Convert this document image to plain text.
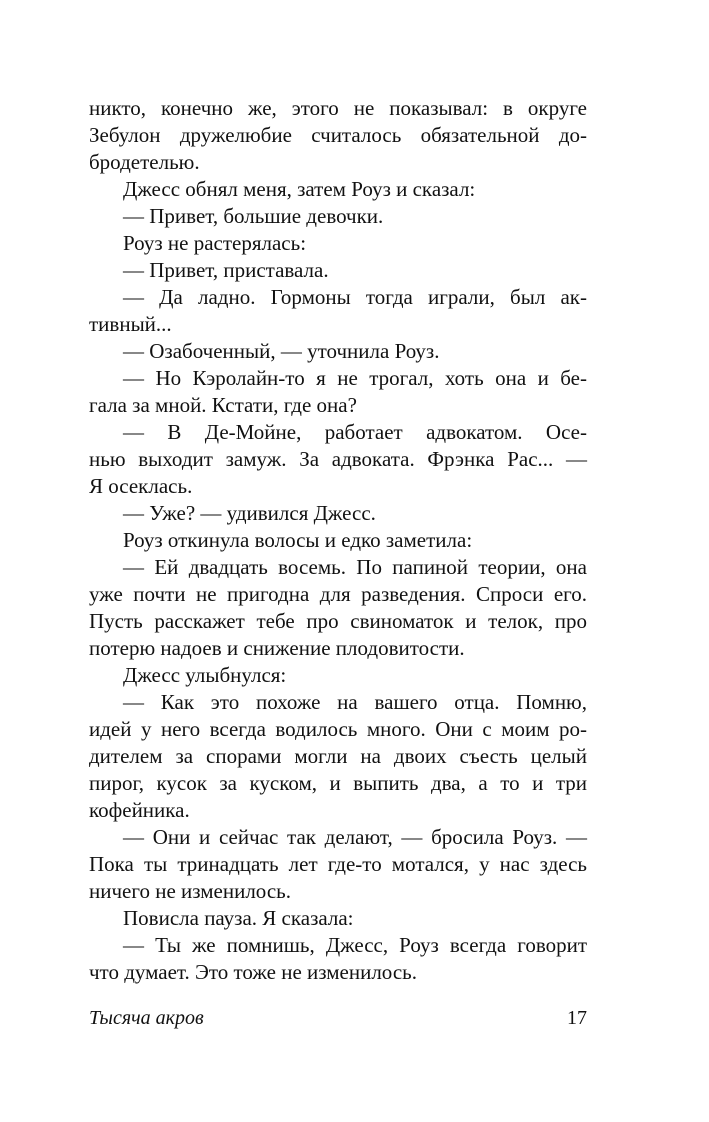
никто, конечно же, этого не показывал: в округе
Зебулон дружелюбие считалось обязательной до-
бродетелью.
Джесс обнял меня, затем Роуз и сказал:
— Привет, большие девочки.
Роуз не растерялась:
— Привет, приставала.
— Да ладно. Гормоны тогда играли, был ак-
тивный...
— Озабоченный, — уточнила Роуз.
— Но Кэролайн-то я не трогал, хоть она и бе-
гала за мной. Кстати, где она?
— В Де-Мойне, работает адвокатом. Осе-
нью выходит замуж. За адвоката. Фрэнка Рас... —
Я осеклась.
— Уже? — удивился Джесс.
Роуз откинула волосы и едко заметила:
— Ей двадцать восемь. По папиной теории, она
уже почти не пригодна для разведения. Спроси его.
Пусть расскажет тебе про свиноматок и телок, про
потерю надоев и снижение плодовитости.
Джесс улыбнулся:
— Как это похоже на вашего отца. Помню,
идей у него всегда водилось много. Они с моим ро-
дителем за спорами могли на двоих съесть целый
пирог, кусок за куском, и выпить два, а то и три
кофейника.
— Они и сейчас так делают, — бросила Роуз. —
Пока ты тринадцать лет где-то мотался, у нас здесь
ничего не изменилось.
Повисла пауза. Я сказала:
— Ты же помнишь, Джесс, Роуз всегда говорит
что думает. Это тоже не изменилось.
Тысяча акров	17
